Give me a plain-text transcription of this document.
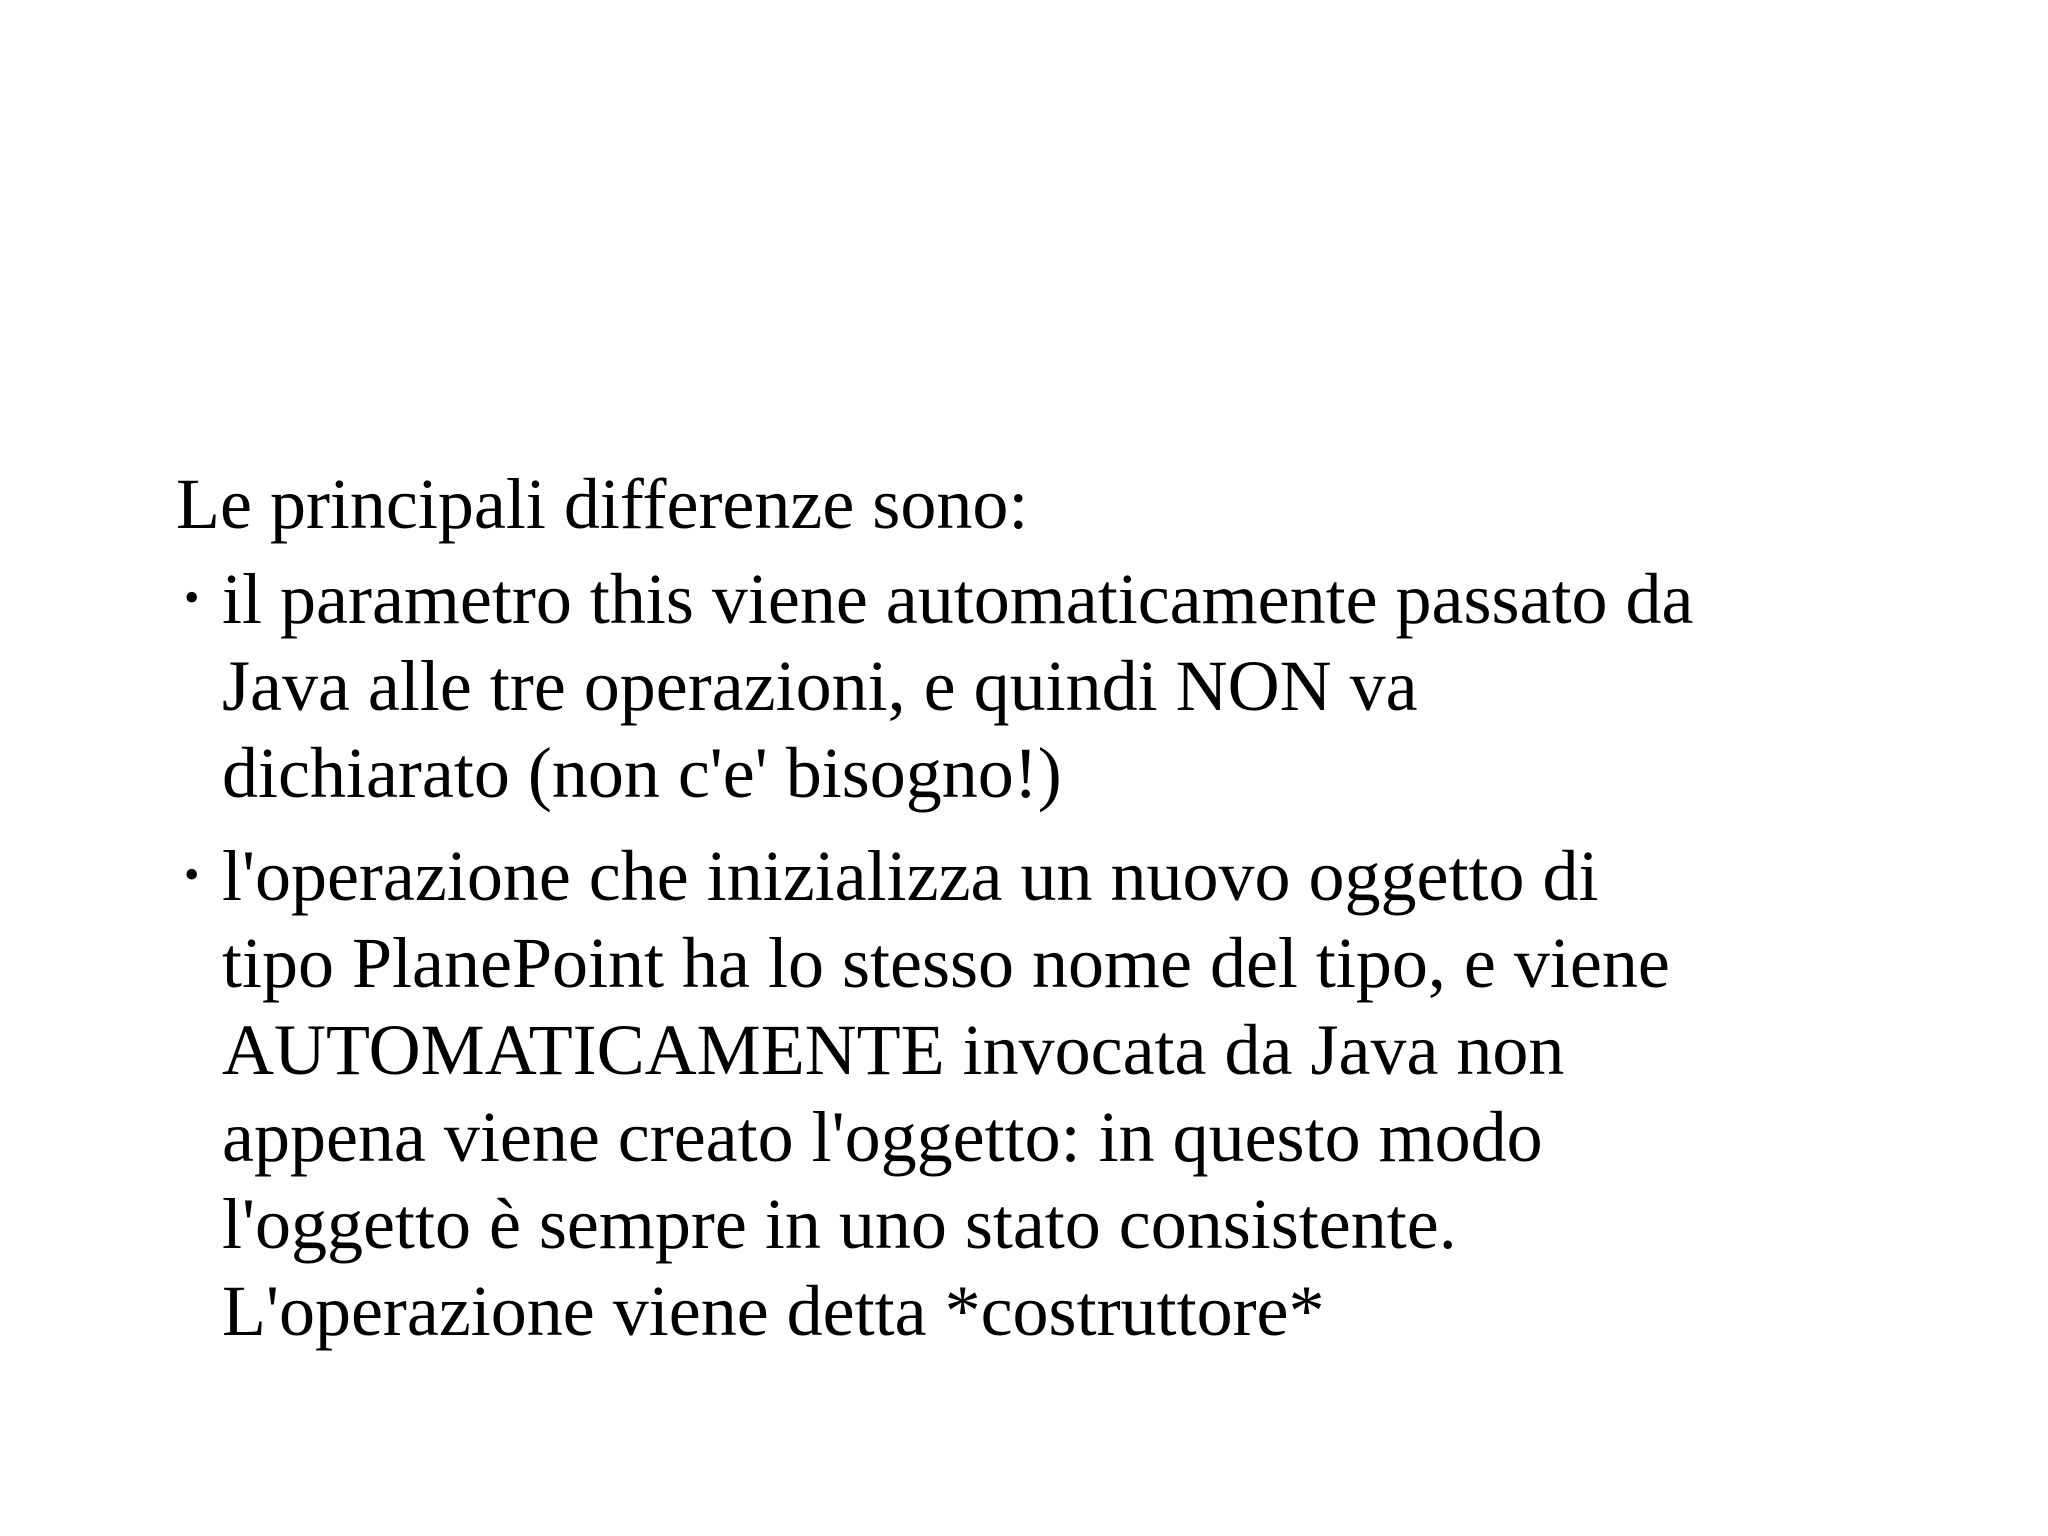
Le principali differenze sono:

• il parametro this viene automaticamente passato da
Java alle tre operazioni, e quindi NON va
dichiarato (non c'e' bisogno!)
• l'operazione che inizializza un nuovo oggetto di
tipo PlanePoint ha lo stesso nome del tipo, e viene
AUTOMATICAMENTE invocata da Java non
appena viene creato l'oggetto: in questo modo
l'oggetto è sempre in uno stato consistente.
L'operazione viene detta *costruttore*
